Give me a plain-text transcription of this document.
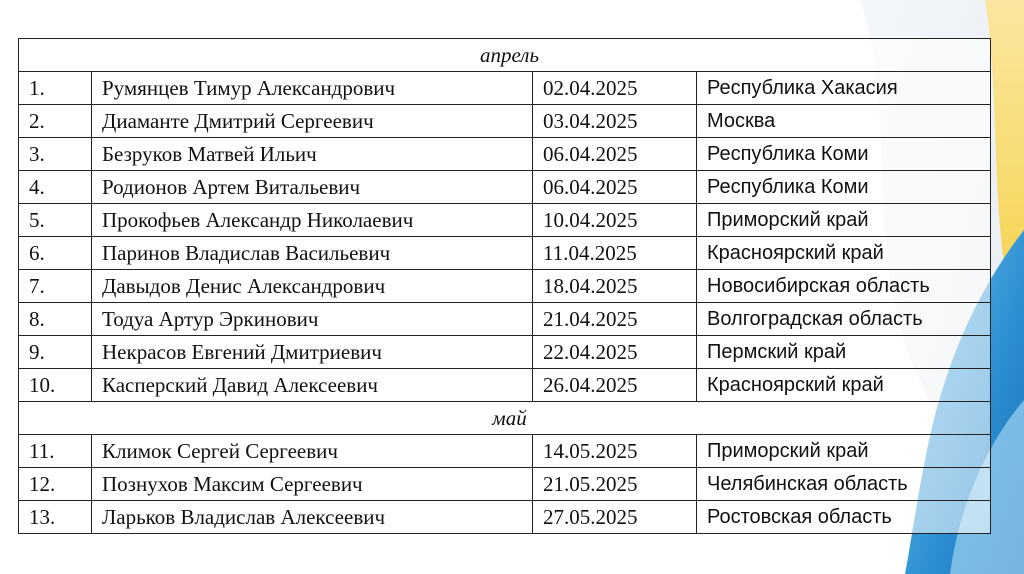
апрель			
1.	Румянцев Тимур Александрович	02.04.2025	Республика Хакасия
2.	Диаманте Дмитрий Сергеевич	03.04.2025	Москва
3.	Безруков Матвей Ильич	06.04.2025	Республика Коми
4.	Родионов Артем Витальевич	06.04.2025	Республика Коми
5.	Прокофьев Александр Николаевич	10.04.2025	Приморский край
6.	Паринов Владислав Васильевич	11.04.2025	Красноярский край
7.	Давыдов Денис Александрович	18.04.2025	Новосибирская область
8.	Тодуа Артур Эркинович	21.04.2025	Волгоградская область
9.	Некрасов Евгений Дмитриевич	22.04.2025	Пермский край
10.	Касперский Давид Алексеевич	26.04.2025	Красноярский край
май			
11.	Климок Сергей Сергеевич	14.05.2025	Приморский край
12.	Познухов Максим Сергеевич	21.05.2025	Челябинская область
13.	Ларьков Владислав Алексеевич	27.05.2025	Ростовская область
